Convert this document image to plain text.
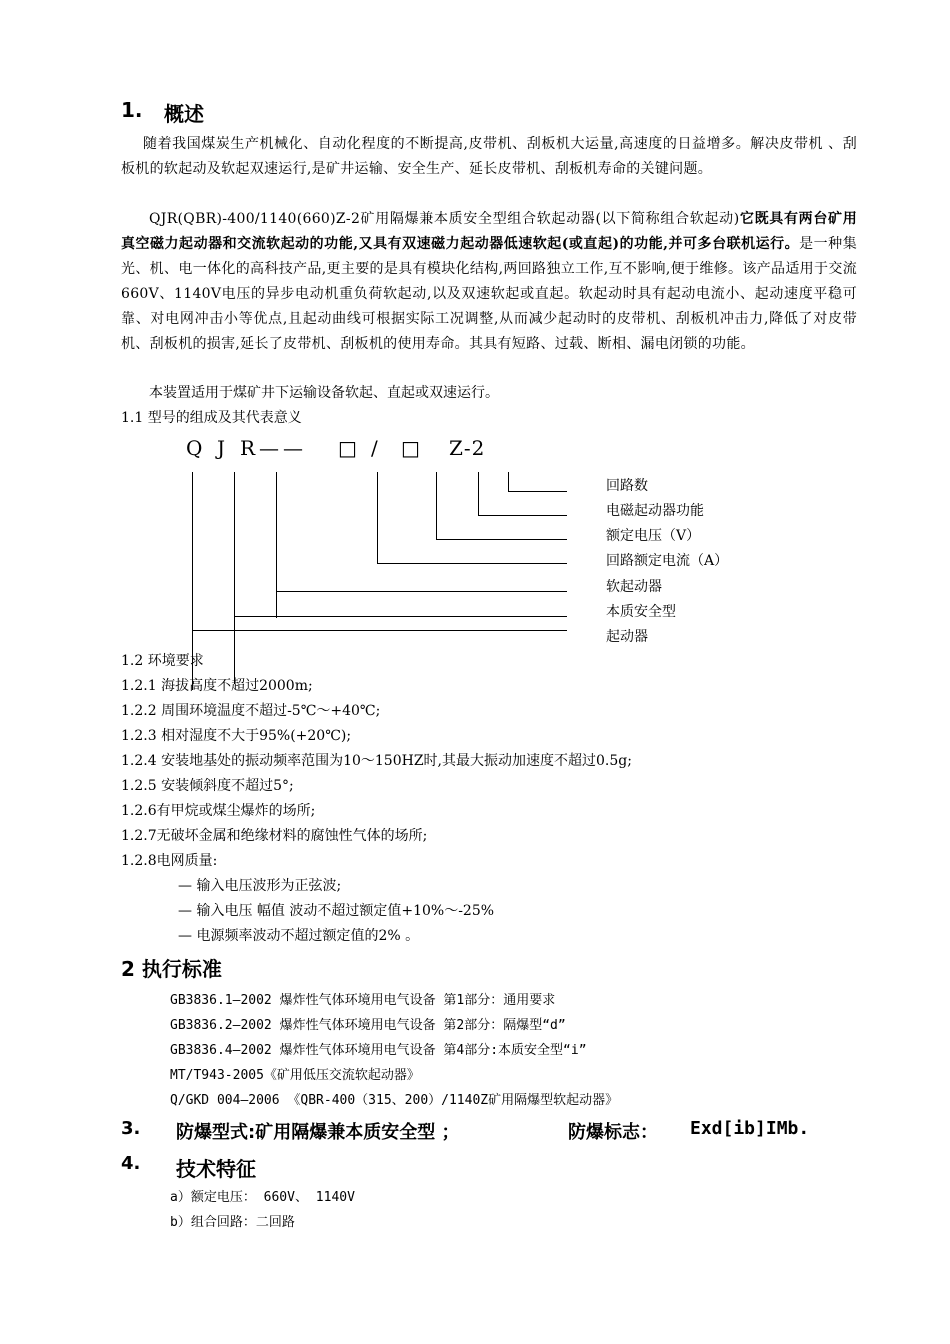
1. 概述
随着我国煤炭生产机械化、自动化程度的不断提高,皮带机、刮板机大运量,高速度的日益增多。解决皮带机 、刮板机的软起动及软起双速运行,是矿井运输、安全生产、延长皮带机、刮板机寿命的关键问题。
QJR(QBR)-400/1140(660)Z-2矿用隔爆兼本质安全型组合软起动器(以下简称组合软起动)它既具有两台矿用真空磁力起动器和交流软起动的功能,又具有双速磁力起动器低速软起(或直起)的功能,并可多台联机运行。是一种集光、机、电一体化的高科技产品,更主要的是具有模块化结构,两回路独立工作,互不影响,便于维修。该产品适用于交流660V、1140V电压的异步电动机重负荷软起动,以及双速软起或直起。软起动时具有起动电流小、起动速度平稳可靠、对电网冲击小等优点,且起动曲线可根据实际工况调整,从而减少起动时的皮带机、刮板机冲击力,降低了对皮带机、刮板机的损害,延长了皮带机、刮板机的使用寿命。其具有短路、过载、断相、漏电闭锁的功能。
本装置适用于煤矿井下运输设备软起、直起或双速运行。
1.1 型号的组成及其代表意义
Q J R—— □ / □ Z-2
回路数
电磁起动器功能
额定电压（V）
回路额定电流（A）
软起动器
本质安全型
起动器
1.2 环境要求
1.2.1 海拔高度不超过2000m;
1.2.2 周围环境温度不超过-5℃～+40℃;
1.2.3 相对湿度不大于95%(+20℃);
1.2.4 安装地基处的振动频率范围为10～150HZ时,其最大振动加速度不超过0.5g;
1.2.5 安装倾斜度不超过5°;
1.2.6有甲烷或煤尘爆炸的场所;
1.2.7无破坏金属和绝缘材料的腐蚀性气体的场所;
1.2.8电网质量:
— 输入电压波形为正弦波;
— 输入电压 幅值 波动不超过额定值+10%～-25%
— 电源频率波动不超过额定值的2% 。
2 执行标准
GB3836.1—2002 爆炸性气体环境用电气设备 第1部分：通用要求
GB3836.2—2002 爆炸性气体环境用电气设备 第2部分：隔爆型“d”
GB3836.4—2002 爆炸性气体环境用电气设备 第4部分:本质安全型“i”
MT/T943-2005《矿用低压交流软起动器》
Q/GKD 004—2006 《QBR-400（315、200）/1140Z矿用隔爆型软起动器》
3. 防爆型式:矿用隔爆兼本质安全型 ；	防爆标志： Exd[ib]IMb.
4. 技术特征
a）额定电压： 660V、 1140V
b）组合回路：二回路
